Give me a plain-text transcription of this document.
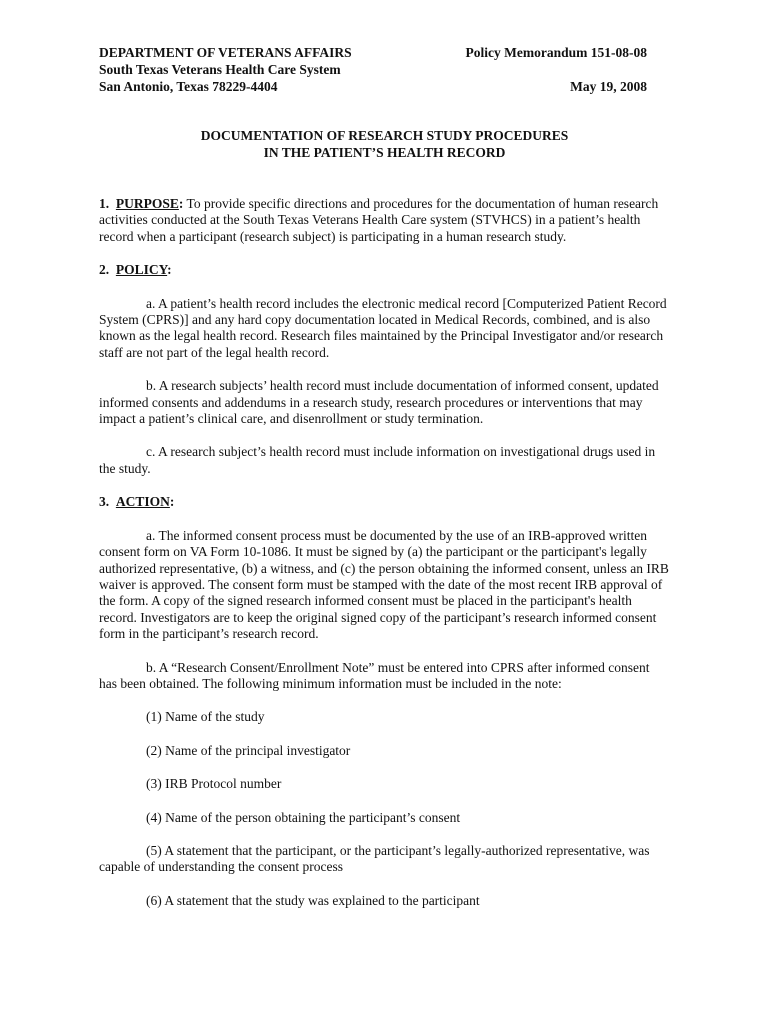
DEPARTMENT OF VETERANS AFFAIRS	Policy Memorandum 151-08-08
South Texas Veterans Health Care System
San Antonio, Texas 78229-4404	May 19, 2008
DOCUMENTATION OF RESEARCH STUDY PROCEDURES
IN THE PATIENT’S HEALTH RECORD

1. PURPOSE: To provide specific directions and procedures for the documentation of human research activities conducted at the South Texas Veterans Health Care system (STVHCS) in a patient’s health record when a participant (research subject) is participating in a human research study.

2. POLICY:

a. A patient’s health record includes the electronic medical record [Computerized Patient Record System (CPRS)] and any hard copy documentation located in Medical Records, combined, and is also known as the legal health record. Research files maintained by the Principal Investigator and/or research staff are not part of the legal health record.

b. A research subjects’ health record must include documentation of informed consent, updated informed consents and addendums in a research study, research procedures or interventions that may impact a patient’s clinical care, and disenrollment or study termination.

c. A research subject’s health record must include information on investigational drugs used in the study.

3. ACTION:

a. The informed consent process must be documented by the use of an IRB-approved written consent form on VA Form 10-1086. It must be signed by (a) the participant or the participant's legally authorized representative, (b) a witness, and (c) the person obtaining the informed consent, unless an IRB waiver is approved. The consent form must be stamped with the date of the most recent IRB approval of the form. A copy of the signed research informed consent must be placed in the participant's health record. Investigators are to keep the original signed copy of the participant’s research informed consent form in the participant’s research record.

b. A “Research Consent/Enrollment Note” must be entered into CPRS after informed consent has been obtained. The following minimum information must be included in the note:

(1) Name of the study

(2) Name of the principal investigator

(3) IRB Protocol number

(4) Name of the person obtaining the participant’s consent

(5) A statement that the participant, or the participant’s legally-authorized representative, was capable of understanding the consent process

(6) A statement that the study was explained to the participant
